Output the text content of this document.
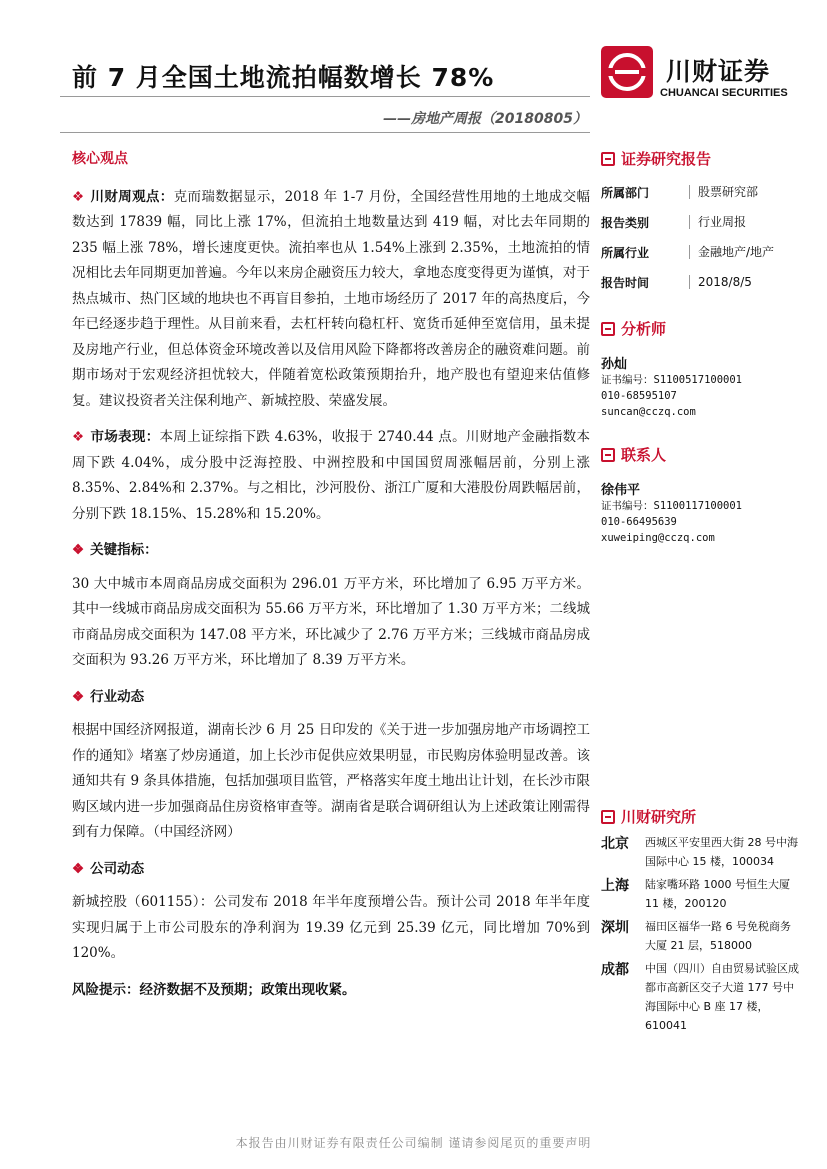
前 7 月全国土地流拍幅数增长 78%
——房地产周报（20180805）
川财证券
CHUANCAI SECURITIES
核心观点
❖ 川财周观点：克而瑞数据显示，2018 年 1-7 月份，全国经营性用地的土地成交幅数达到 17839 幅，同比上涨 17%，但流拍土地数量达到 419 幅，对比去年同期的 235 幅上涨 78%，增长速度更快。流拍率也从 1.54%上涨到 2.35%，土地流拍的情况相比去年同期更加普遍。今年以来房企融资压力较大，拿地态度变得更为谨慎，对于热点城市、热门区域的地块也不再盲目参拍，土地市场经历了 2017 年的高热度后，今年已经逐步趋于理性。从目前来看，去杠杆转向稳杠杆、宽货币延伸至宽信用，虽未提及房地产行业，但总体资金环境改善以及信用风险下降都将改善房企的融资难问题。前期市场对于宏观经济担忧较大，伴随着宽松政策预期抬升，地产股也有望迎来估值修复。建议投资者关注保利地产、新城控股、荣盛发展。
❖ 市场表现：本周上证综指下跌 4.63%，收报于 2740.44 点。川财地产金融指数本周下跌 4.04%，成分股中泛海控股、中洲控股和中国国贸周涨幅居前，分别上涨 8.35%、2.84%和 2.37%。与之相比，沙河股份、浙江广厦和大港股份周跌幅居前，分别下跌 18.15%、15.28%和 15.20%。
❖ 关键指标：
30 大中城市本周商品房成交面积为 296.01 万平方米，环比增加了 6.95 万平方米。其中一线城市商品房成交面积为 55.66 万平方米，环比增加了 1.30 万平方米；二线城市商品房成交面积为 147.08 平方米，环比减少了 2.76 万平方米；三线城市商品房成交面积为 93.26 万平方米，环比增加了 8.39 万平方米。
❖ 行业动态
根据中国经济网报道，湖南长沙 6 月 25 日印发的《关于进一步加强房地产市场调控工作的通知》堵塞了炒房通道，加上长沙市促供应效果明显，市民购房体验明显改善。该通知共有 9 条具体措施，包括加强项目监管，严格落实年度土地出让计划，在长沙市限购区域内进一步加强商品住房资格审查等。湖南省是联合调研组认为上述政策让刚需得到有力保障。（中国经济网）
❖ 公司动态
新城控股（601155）：公司发布 2018 年半年度预增公告。预计公司 2018 年半年度实现归属于上市公司股东的净利润为 19.39 亿元到 25.39 亿元，同比增加 70%到 120%。
风险提示：经济数据不及预期；政策出现收紧。
证券研究报告
所属部门	股票研究部
报告类别	行业周报
所属行业	金融地产/地产
报告时间	2018/8/5
分析师
孙灿
证书编号：S1100517100001
010-68595107
suncan@cczq.com
联系人
徐伟平
证书编号：S1100117100001
010-66495639
xuweiping@cczq.com
川财研究所
北京	西城区平安里西大街 28 号中海国际中心 15 楼，100034
上海	陆家嘴环路 1000 号恒生大厦 11 楼，200120
深圳	福田区福华一路 6 号免税商务大厦 21 层，518000
成都	中国（四川）自由贸易试验区成都市高新区交子大道 177 号中海国际中心 B 座 17 楼，610041
本报告由川财证券有限责任公司编制 谨请参阅尾页的重要声明
